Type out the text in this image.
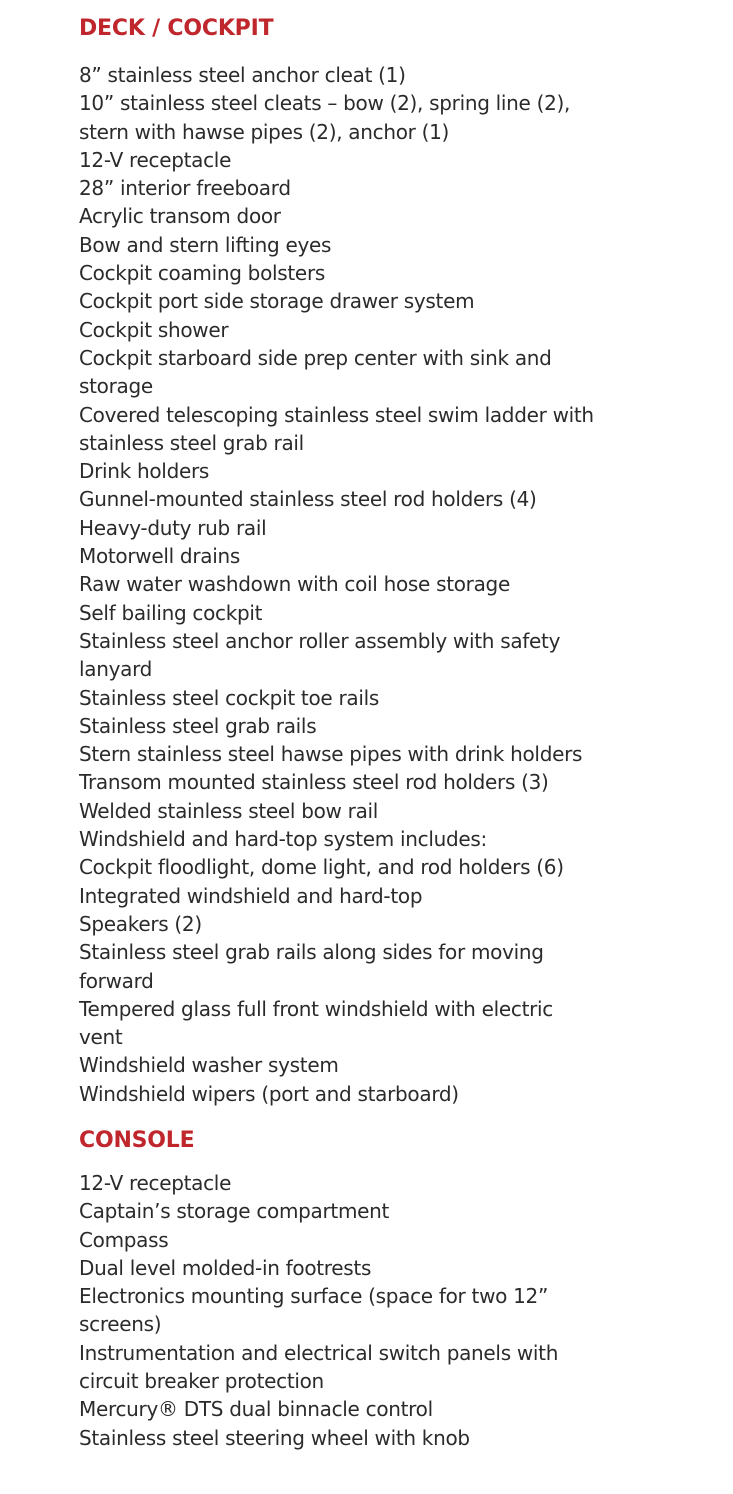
DECK / COCKPIT
8” stainless steel anchor cleat (1)
10” stainless steel cleats – bow (2), spring line (2),
stern with hawse pipes (2), anchor (1)
12-V receptacle
28” interior freeboard
Acrylic transom door
Bow and stern lifting eyes
Cockpit coaming bolsters
Cockpit port side storage drawer system
Cockpit shower
Cockpit starboard side prep center with sink and
storage
Covered telescoping stainless steel swim ladder with
stainless steel grab rail
Drink holders
Gunnel-mounted stainless steel rod holders (4)
Heavy-duty rub rail
Motorwell drains
Raw water washdown with coil hose storage
Self bailing cockpit
Stainless steel anchor roller assembly with safety
lanyard
Stainless steel cockpit toe rails
Stainless steel grab rails
Stern stainless steel hawse pipes with drink holders
Transom mounted stainless steel rod holders (3)
Welded stainless steel bow rail
Windshield and hard-top system includes:
Cockpit floodlight, dome light, and rod holders (6)
Integrated windshield and hard-top
Speakers (2)
Stainless steel grab rails along sides for moving
forward
Tempered glass full front windshield with electric
vent
Windshield washer system
Windshield wipers (port and starboard)
CONSOLE
12-V receptacle
Captain’s storage compartment
Compass
Dual level molded-in footrests
Electronics mounting surface (space for two 12”
screens)
Instrumentation and electrical switch panels with
circuit breaker protection
Mercury® DTS dual binnacle control
Stainless steel steering wheel with knob
